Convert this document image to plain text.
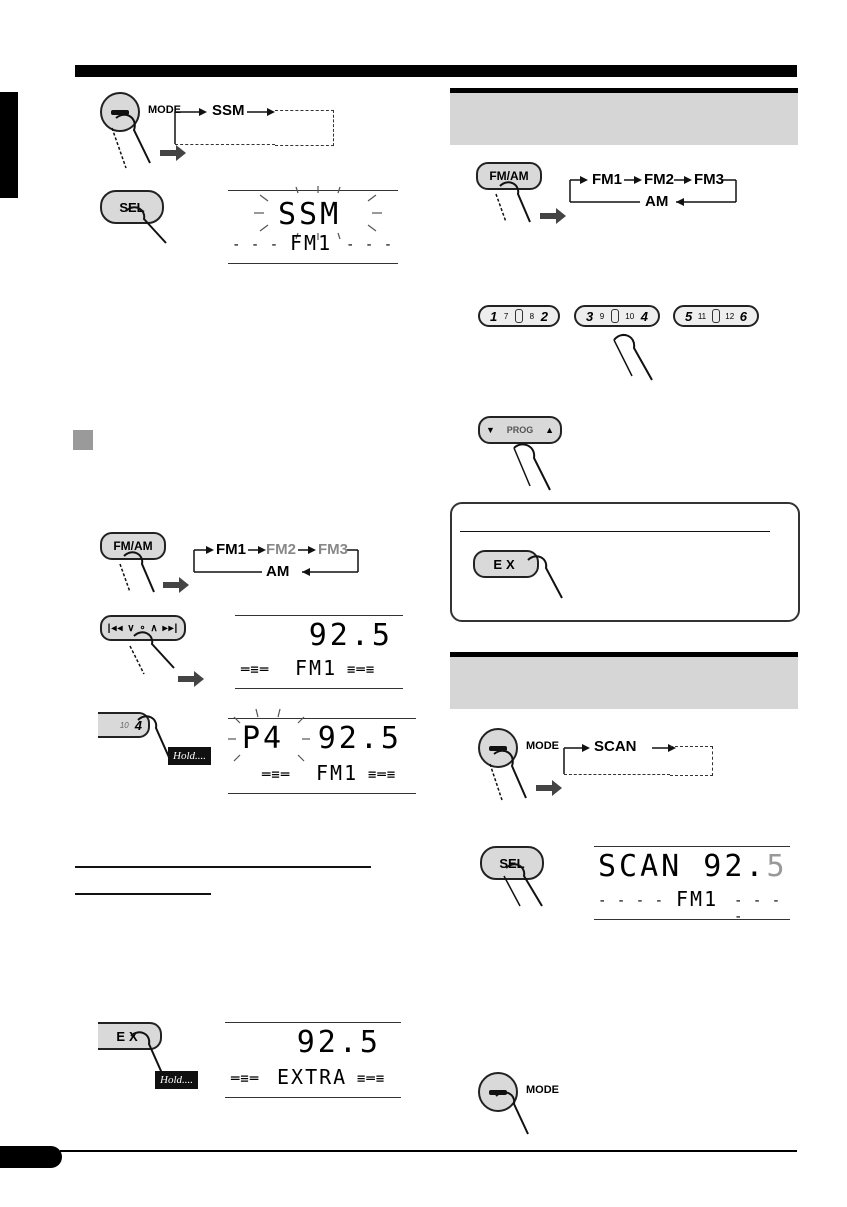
MODE SSM
SEL	SSM
- - - FM1 - - -
FM/AM	FM1 FM2 FM3
AM
|◂◂ ∨ ∘ ∧ ▸▸|	92.5
═≡═ FM1 ≡═≡
10 4
Hold.... P4 92.5
═≡═ FM1 ≡═≡
EX
Hold....
92.5
═≡═ EXTRA ≡═≡
FM/AM	FM1 FM2 FM3
AM
1 7	8 2	3 9	10 4	5 11 12 6
▼ PROG ▲
EX
MODE SCAN
SEL	SCAN 92.5
- - - - FM1 - - - -
MODE
